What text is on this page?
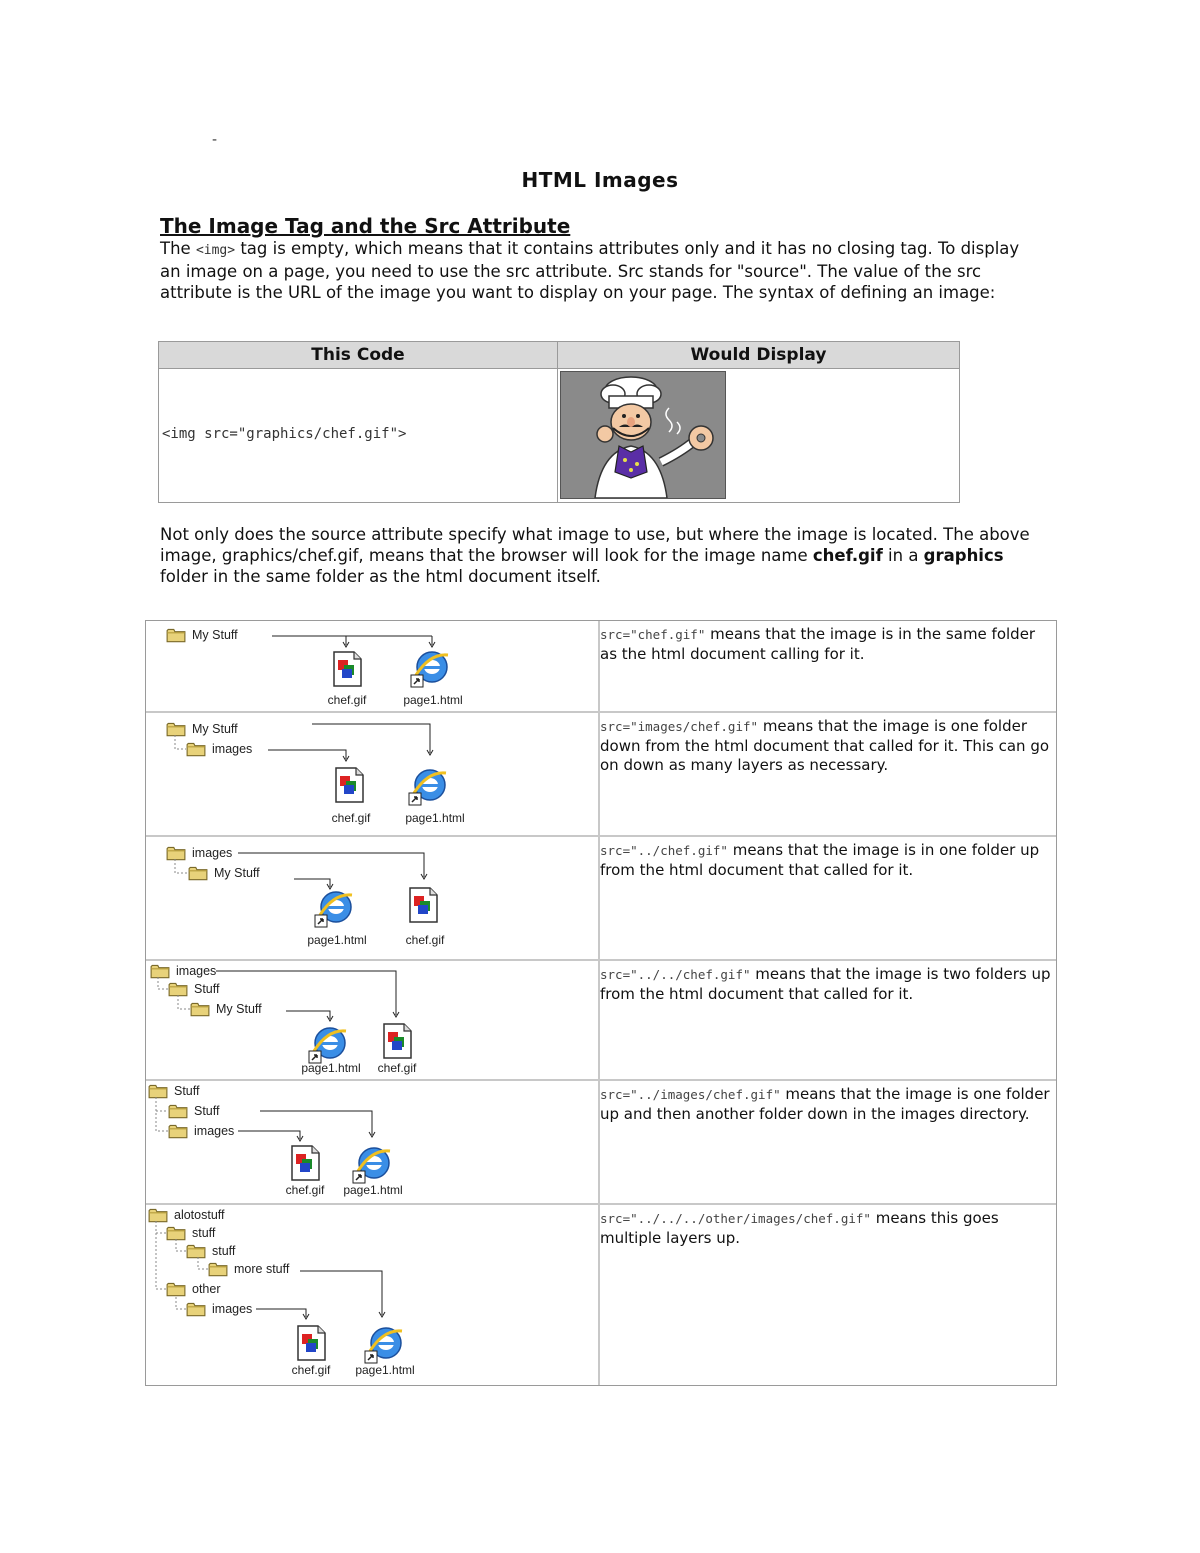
-
HTML Images
The Image Tag and the Src Attribute
The <img> tag is empty, which means that it contains attributes only and it has no closing tag. To display an image on a page, you need to use the src attribute. Src stands for "source". The value of the src attribute is the URL of the image you want to display on your page. The syntax of defining an image:
This Code	Would Display
<img src="graphics/chef.gif">
Not only does the source attribute specify what image to use, but where the image is located. The above image, graphics/chef.gif, means that the browser will look for the image name chef.gif in a graphics folder in the same folder as the html document itself.
My Stuff
chef.gif	page1.html
src="chef.gif" means that the image is in the same folder as the html document calling for it.
My Stuff
images
chef.gif	page1.html
src="images/chef.gif" means that the image is one folder down from the html document that called for it. This can go on down as many layers as necessary.
images
My Stuff
page1.html	chef.gif
src="../chef.gif" means that the image is in one folder up from the html document that called for it.
images
Stuff
My Stuff
page1.html	chef.gif
src="../../chef.gif" means that the image is two folders up from the html document that called for it.
Stuff
Stuff
images
chef.gif	page1.html
src="../images/chef.gif" means that the image is one folder up and then another folder down in the images directory.
alotostuff
stuff
stuff
more stuff
other
images
chef.gif	page1.html
src="../../../other/images/chef.gif" means this goes multiple layers up.
